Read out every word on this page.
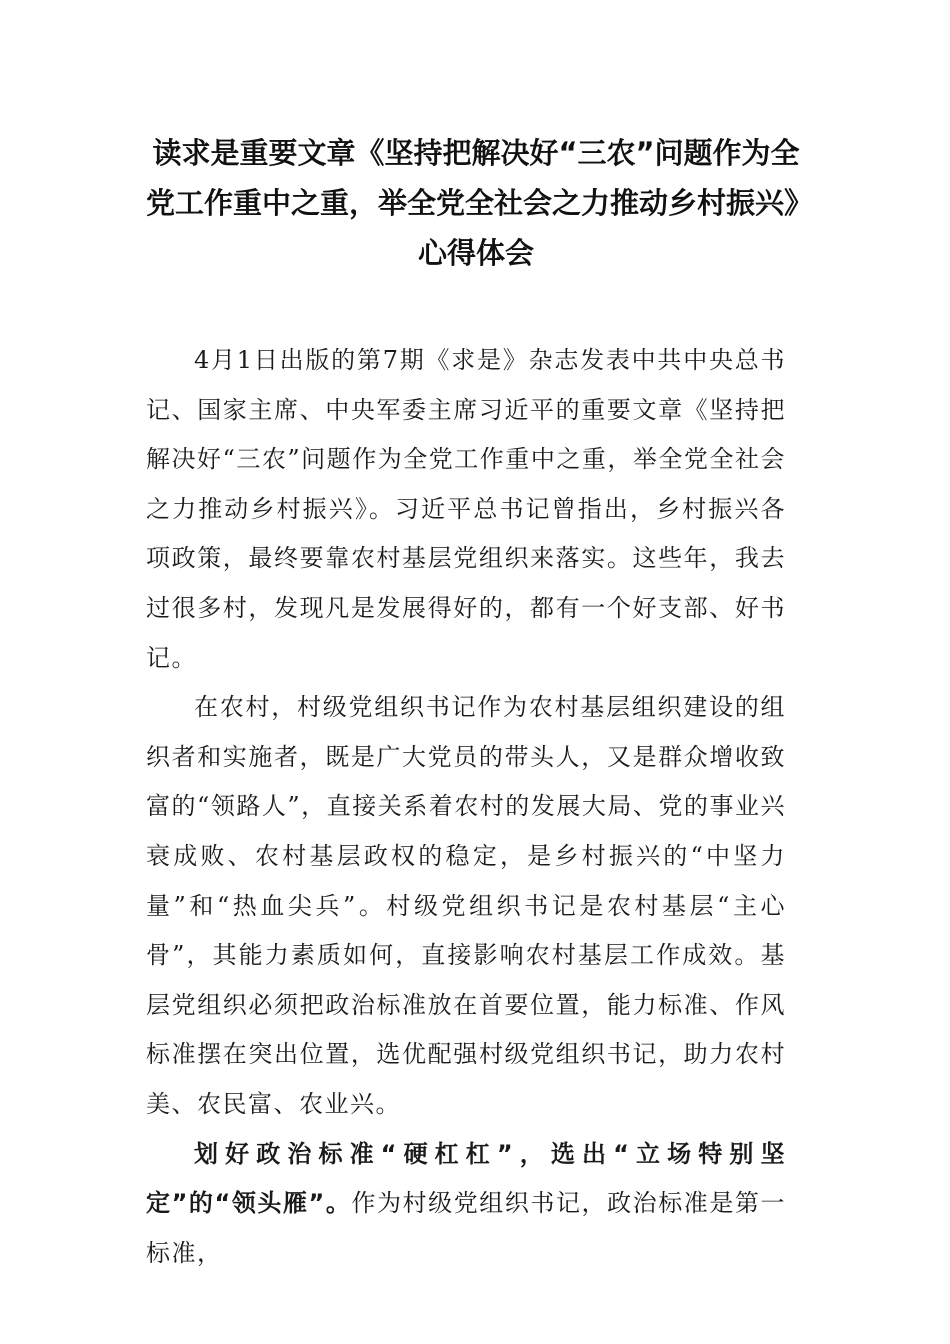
读求是重要文章《坚持把解决好“三农”问题作为全
党工作重中之重，举全党全社会之力推动乡村振兴》
心得体会

4月1日出版的第7期《求是》杂志发表中共中央总书记、国家主席、中央军委主席习近平的重要文章《坚持把解决好“三农”问题作为全党工作重中之重，举全党全社会之力推动乡村振兴》。习近平总书记曾指出，乡村振兴各项政策，最终要靠农村基层党组织来落实。这些年，我去过很多村，发现凡是发展得好的，都有一个好支部、好书记。

在农村，村级党组织书记作为农村基层组织建设的组织者和实施者，既是广大党员的带头人，又是群众增收致富的“领路人”，直接关系着农村的发展大局、党的事业兴衰成败、农村基层政权的稳定，是乡村振兴的“中坚力量”和“热血尖兵”。村级党组织书记是农村基层“主心骨”，其能力素质如何，直接影响农村基层工作成效。基层党组织必须把政治标准放在首要位置，能力标准、作风标准摆在突出位置，选优配强村级党组织书记，助力农村美、农民富、农业兴。

划好政治标准“硬杠杠”，选出“立场特别坚定”的“领头雁”。作为村级党组织书记，政治标准是第一标准，
